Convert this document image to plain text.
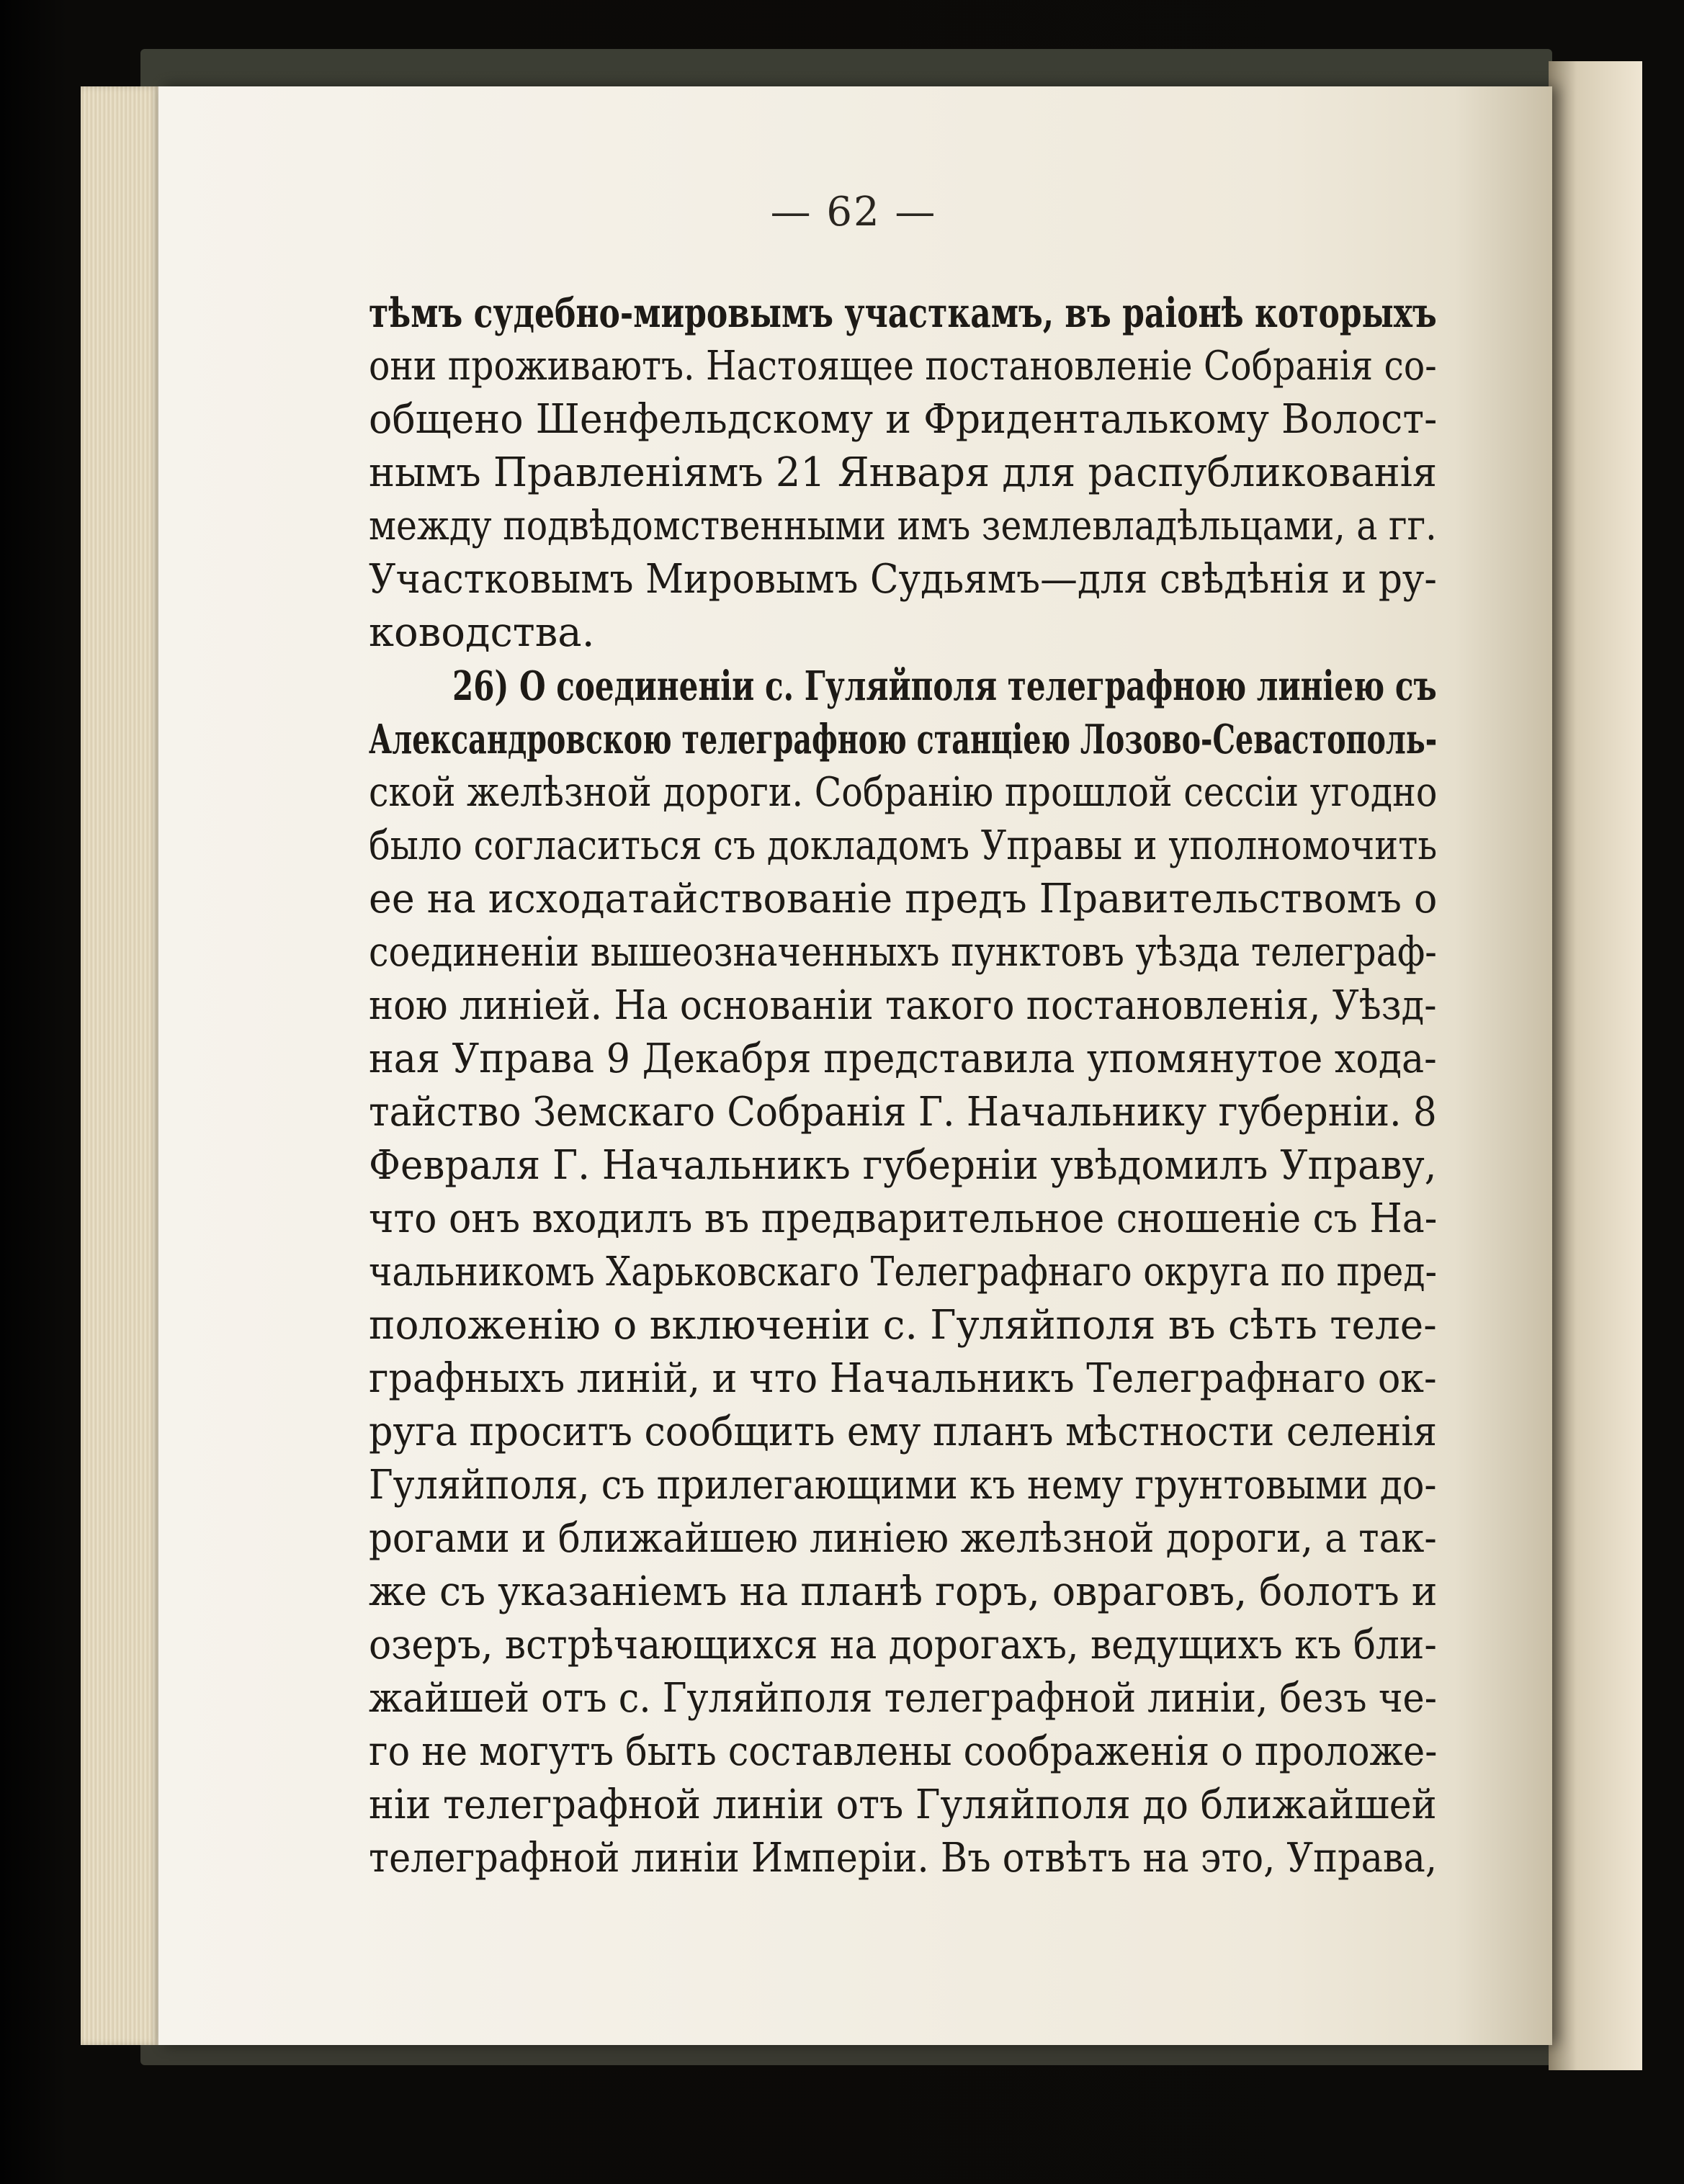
— 62 —
тѣмъ судебно-мировымъ участкамъ, въ раіонѣ которыхъ
они проживаютъ. Настоящее постановленіе Собранія со-
общено Шенфельдскому и Фриденталькому Волост-
нымъ Правленіямъ 21 Января для распубликованія
между подвѣдомственными имъ землевладѣльцами, а гг.
Участковымъ Мировымъ Судьямъ—для свѣдѣнія и ру-
ководства.
26) О соединеніи с. Гуляйполя телеграфною линіею съ
Александровскою телеграфною станціею Лозово-Севастополь-
ской желѣзной дороги. Собранію прошлой сессіи угодно
было согласиться съ докладомъ Управы и уполномочить
ее на исходатайствованіе предъ Правительствомъ о
соединеніи вышеозначенныхъ пунктовъ уѣзда телеграф-
ною линіей. На основаніи такого постановленія, Уѣзд-
ная Управа 9 Декабря представила упомянутое хода-
тайство Земскаго Собранія Г. Начальнику губерніи. 8
Февраля Г. Начальникъ губерніи увѣдомилъ Управу,
что онъ входилъ въ предварительное сношеніе съ На-
чальникомъ Харьковскаго Телеграфнаго округа по пред-
положенію о включеніи с. Гуляйполя въ сѣть теле-
графныхъ линій, и что Начальникъ Телеграфнаго ок-
руга проситъ сообщить ему планъ мѣстности селенія
Гуляйполя, съ прилегающими къ нему грунтовыми до-
рогами и ближайшею линіею желѣзной дороги, а так-
же съ указаніемъ на планѣ горъ, овраговъ, болотъ и
озеръ, встрѣчающихся на дорогахъ, ведущихъ къ бли-
жайшей отъ с. Гуляйполя телеграфной линіи, безъ че-
го не могутъ быть составлены соображенія о проложе-
ніи телеграфной линіи отъ Гуляйполя до ближайшей
телеграфной линіи Имперіи. Въ отвѣтъ на это, Управа,
